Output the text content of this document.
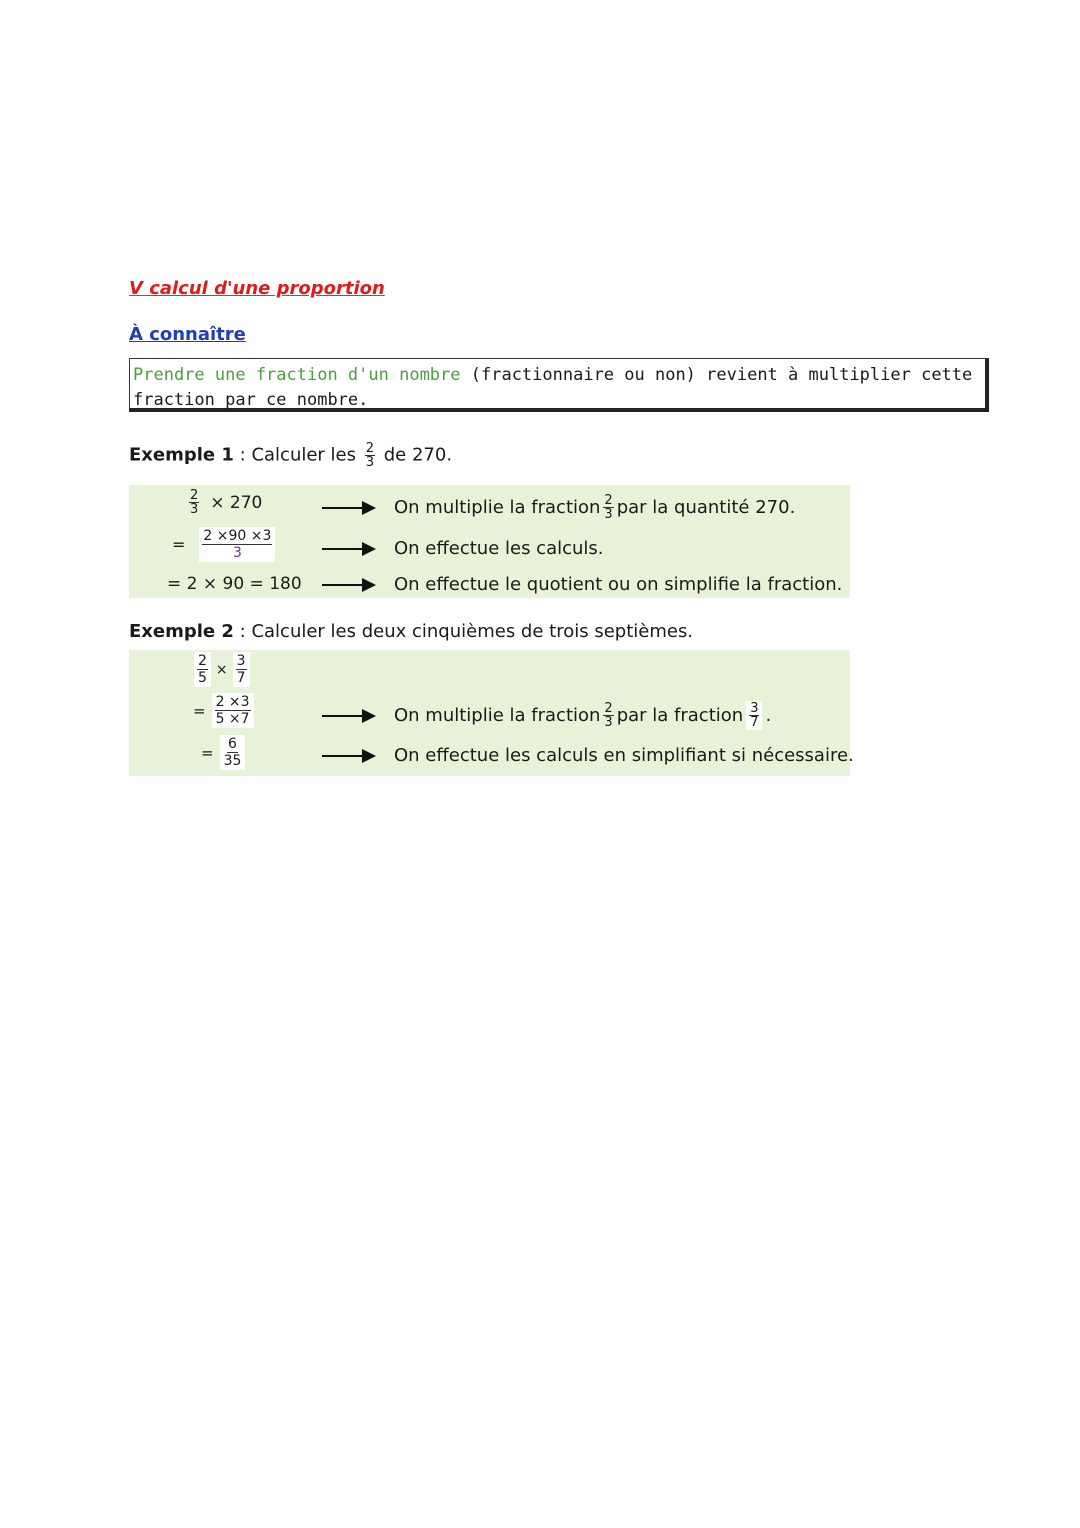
V calcul d'une proportion
À connaître
Prendre une fraction d'un nombre (fractionnaire ou non) revient à multiplier cette fraction par ce nombre.
Exemple 1 : Calculer les $\frac{2}{3}$ de 270.
$\frac{2}{3} \times 270$	On multiplie la fraction $\frac{2}{3}$ par la quantité 270.
= $\frac{2 \times 90 \times 3}{3}$	On effectue les calculs.
= 2 × 90 = 180	On effectue le quotient ou on simplifie la fraction.
Exemple 2 : Calculer les deux cinquièmes de trois septièmes.
$\frac{2}{5} \times \frac{3}{7}$
= $\frac{2 \times 3}{5 \times 7}$	On multiplie la fraction $\frac{2}{3}$ par la fraction $\frac{3}{7}$ .
= $\frac{6}{35}$	On effectue les calculs en simplifiant si nécessaire.
